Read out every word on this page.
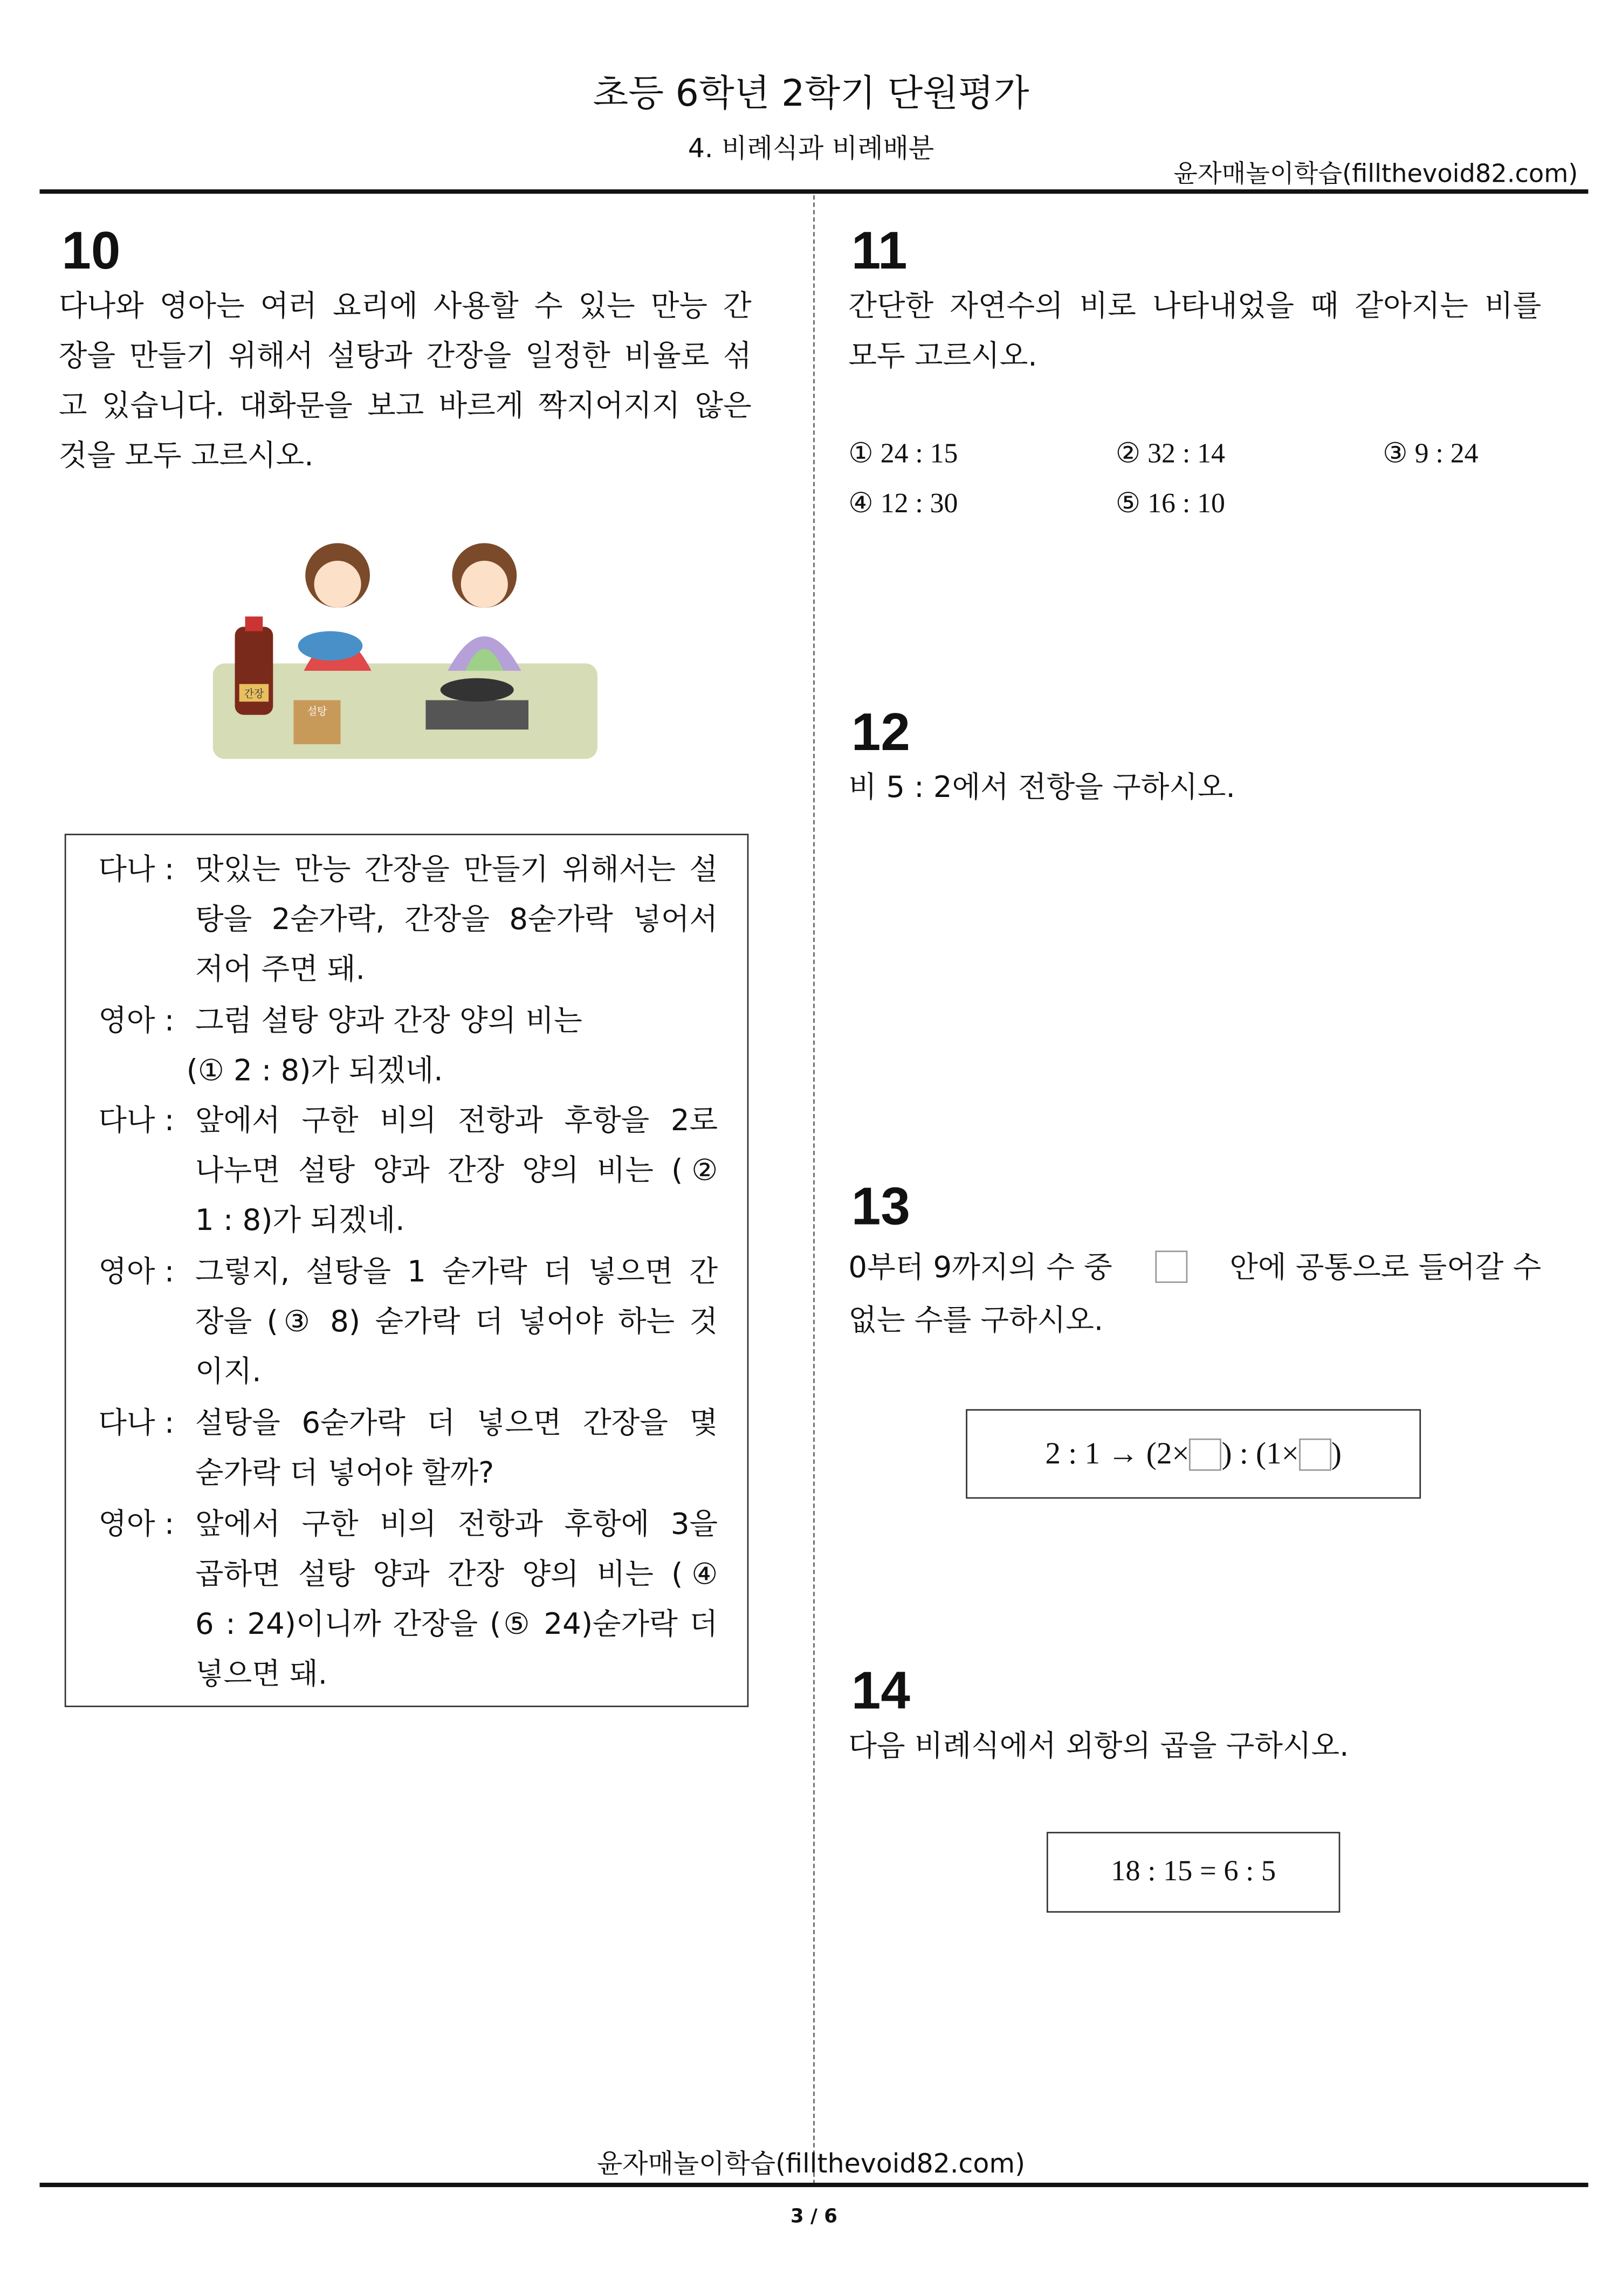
초등 6학년 2학기 단원평가
4. 비례식과 비례배분
윤자매놀이학습(fillthevoid82.com)
10
다나와 영아는 여러 요리에 사용할 수 있는 만능 간
장을 만들기 위해서 설탕과 간장을 일정한 비율로 섞
고 있습니다. 대화문을 보고 바르게 짝지어지지 않은
것을 모두 고르시오.
간장
설탕
다나 :	맛있는 만능 간장을 만들기 위해서는 설
탕을 2숟가락, 간장을 8숟가락 넣어서
저어 주면 돼.
영아 :	그럼 설탕 양과 간장 양의 비는
(① 2 : 8)가 되겠네.
다나 :	앞에서 구한 비의 전항과 후항을 2로
나누면 설탕 양과 간장 양의 비는 (②
1 : 8)가 되겠네.
영아 :	그렇지, 설탕을 1 숟가락 더 넣으면 간
장을 (③ 8) 숟가락 더 넣어야 하는 것
이지.
다나 :	설탕을 6숟가락 더 넣으면 간장을 몇
숟가락 더 넣어야 할까?
영아 :	앞에서 구한 비의 전항과 후항에 3을
곱하면 설탕 양과 간장 양의 비는 (④
6 : 24)이니까 간장을 (⑤ 24)숟가락 더
넣으면 돼.
11
간단한 자연수의 비로 나타내었을 때 같아지는 비를
모두 고르시오.
① 24 : 15	② 32 : 14	③ 9 : 24
④ 12 : 30	⑤ 16 : 10
12
비 5 : 2에서 전항을 구하시오.
13
0부터 9까지의 수 중	안에 공통으로 들어갈 수
없는 수를 구하시오.
2 : 1 → (2×	) : (1×	)
14
다음 비례식에서 외항의 곱을 구하시오.
18 : 15 = 6 : 5
윤자매놀이학습(fillthevoid82.com)
3 / 6
